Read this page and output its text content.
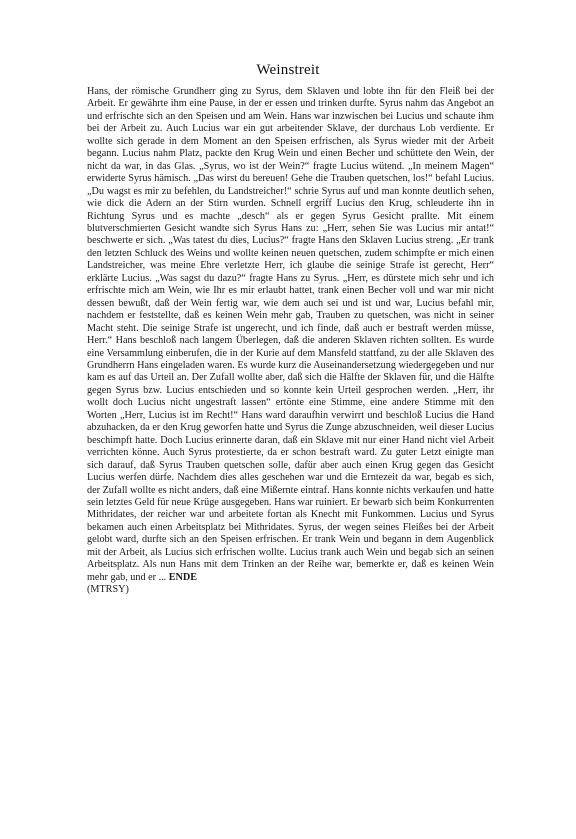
Weinstreit
Hans, der römische Grundherr ging zu Syrus, dem Sklaven und lobte ihn für den Fleiß bei der Arbeit. Er gewährte ihm eine Pause, in der er essen und trinken durfte. Syrus nahm das Angebot an und erfrischte sich an den Speisen und am Wein. Hans war inzwischen bei Lucius und schaute ihm bei der Arbeit zu. Auch Lucius war ein gut arbeitender Sklave, der durchaus Lob verdiente. Er wollte sich gerade in dem Moment an den Speisen erfrischen, als Syrus wieder mit der Arbeit begann. Lucius nahm Platz, packte den Krug Wein und einen Becher und schüttete den Wein, der nicht da war, in das Glas. „Syrus, wo ist der Wein?“ fragte Lucius wütend. „In meinem Magen“ erwiderte Syrus hämisch. „Das wirst du bereuen! Gehe die Trauben quetschen, los!“ befahl Lucius. „Du wagst es mir zu befehlen, du Landstreicher!“ schrie Syrus auf und man konnte deutlich sehen, wie dick die Adern an der Stirn wurden. Schnell ergriff Lucius den Krug, schleuderte ihn in Richtung Syrus und es machte „desch“ als er gegen Syrus Gesicht prallte. Mit einem blutverschmierten Gesicht wandte sich Syrus Hans zu: „Herr, sehen Sie was Lucius mir antat!“ beschwerte er sich. „Was tatest du dies, Lucius?“ fragte Hans den Sklaven Lucius streng. „Er trank den letzten Schluck des Weins und wollte keinen neuen quetschen, zudem schimpfte er mich einen Landstreicher, was meine Ehre verletzte Herr, ich glaube die seinige Strafe ist gerecht, Herr“ erklärte Lucius. „Was sagst du dazu?“ fragte Hans zu Syrus. „Herr, es dürstete mich sehr und ich erfrischte mich am Wein, wie Ihr es mir erlaubt hattet, trank einen Becher voll und war mir nicht dessen bewußt, daß der Wein fertig war, wie dem auch sei und ist und war, Lucius befahl mir, nachdem er feststellte, daß es keinen Wein mehr gab, Trauben zu quetschen, was nicht in seiner Macht steht. Die seinige Strafe ist ungerecht, und ich finde, daß auch er bestraft werden müsse, Herr.“ Hans beschloß nach langem Überlegen, daß die anderen Sklaven richten sollten. Es wurde eine Versammlung einberufen, die in der Kurie auf dem Mansfeld stattfand, zu der alle Sklaven des Grundherrn Hans eingeladen waren. Es wurde kurz die Auseinandersetzung wiedergegeben und nur kam es auf das Urteil an. Der Zufall wollte aber, daß sich die Hälfte der Sklaven für, und die Hälfte gegen Syrus bzw. Lucius entschieden und so konnte kein Urteil gesprochen werden. „Herr, ihr wollt doch Lucius nicht ungestraft lassen“ ertönte eine Stimme, eine andere Stimme mit den Worten „Herr, Lucius ist im Recht!“ Hans ward daraufhin verwirrt und beschloß Lucius die Hand abzuhacken, da er den Krug geworfen hatte und Syrus die Zunge abzuschneiden, weil dieser Lucius beschimpft hatte. Doch Lucius erinnerte daran, daß ein Sklave mit nur einer Hand nicht viel Arbeit verrichten könne. Auch Syrus protestierte, da er schon bestraft ward. Zu guter Letzt einigte man sich darauf, daß Syrus Trauben quetschen solle, dafür aber auch einen Krug gegen das Gesicht Lucius werfen dürfe. Nachdem dies alles geschehen war und die Erntezeit da war, begab es sich, der Zufall wollte es nicht anders, daß eine Mißernte eintraf. Hans konnte nichts verkaufen und hatte sein letztes Geld für neue Krüge ausgegeben. Hans war ruiniert. Er bewarb sich beim Konkurrenten Mithridates, der reicher war und arbeitete fortan als Knecht mit Funkommen. Lucius und Syrus bekamen auch einen Arbeitsplatz bei Mithridates. Syrus, der wegen seines Fleißes bei der Arbeit gelobt ward, durfte sich an den Speisen erfrischen. Er trank Wein und begann in dem Augenblick mit der Arbeit, als Lucius sich erfrischen wollte. Lucius trank auch Wein und begab sich an seinen Arbeitsplatz. Als nun Hans mit dem Trinken an der Reihe war, bemerkte er, daß es keinen Wein mehr gab, und er ... ENDE
(MTRSY)
